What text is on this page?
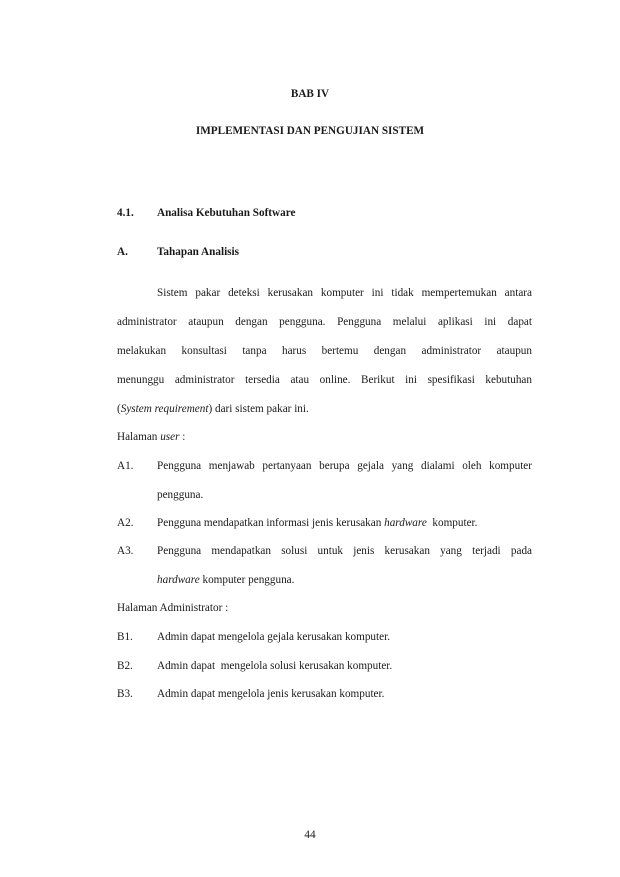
BAB IV
IMPLEMENTASI DAN PENGUJIAN SISTEM
4.1. Analisa Kebutuhan Software
A.	Tahapan Analisis
Sistem pakar deteksi kerusakan komputer ini tidak mempertemukan antara
administrator ataupun dengan pengguna. Pengguna melalui aplikasi ini dapat
melakukan konsultasi tanpa harus bertemu dengan administrator ataupun
menunggu administrator tersedia atau online. Berikut ini spesifikasi kebutuhan
(System requirement) dari sistem pakar ini.
Halaman user :
A1. Pengguna menjawab pertanyaan berupa gejala yang dialami oleh komputer
pengguna.
A2. Pengguna mendapatkan informasi jenis kerusakan hardware  komputer.
A3. Pengguna mendapatkan solusi untuk jenis kerusakan yang terjadi pada
hardware komputer pengguna.
Halaman Administrator :
B1. Admin dapat mengelola gejala kerusakan komputer.
B2. Admin dapat  mengelola solusi kerusakan komputer.
B3. Admin dapat mengelola jenis kerusakan komputer.
44
